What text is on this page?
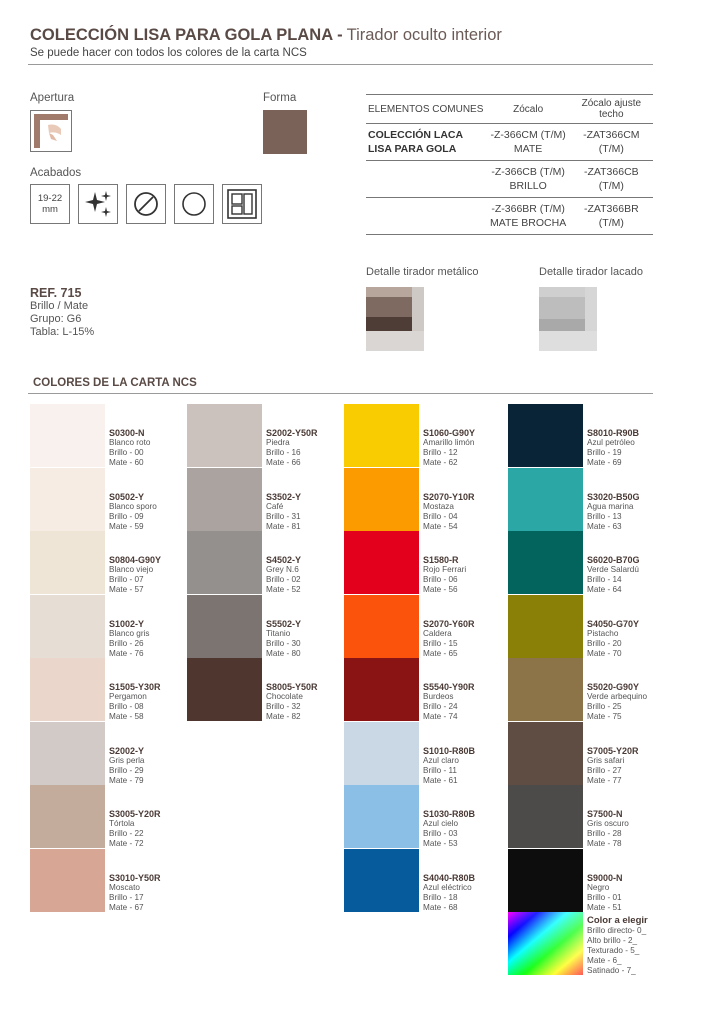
COLECCIÓN LISA PARA GOLA PLANA - Tirador oculto interior
Se puede hacer con todos los colores de la carta NCS
Apertura	Forma
Acabados
19-22
mm
ELEMENTOS COMUNES	Zócalo	Zócalo ajuste techo
COLECCIÓN LACA LISA PARA GOLA	-Z-366CM (T/M) MATE	-ZAT366CM (T/M)
	-Z-366CB (T/M) BRILLO	-ZAT366CB (T/M)
	-Z-366BR (T/M) MATE BROCHA	-ZAT366BR (T/M)
REF. 715
Brillo / Mate
Grupo: G6
Tabla: L-15%
Detalle tirador metálico	Detalle tirador lacado
COLORES DE LA CARTA NCS
S0300-N
Blanco roto
Brillo - 00
Mate - 60
S0502-Y
Blanco sporo
Brillo - 09
Mate - 59
S0804-G90Y
Blanco viejo
Brillo - 07
Mate - 57
S1002-Y
Blanco gris
Brillo - 26
Mate - 76
S1505-Y30R
Pergamon
Brillo - 08
Mate - 58
S2002-Y
Gris perla
Brillo - 29
Mate - 79
S3005-Y20R
Tórtola
Brillo - 22
Mate - 72
S3010-Y50R
Moscato
Brillo - 17
Mate - 67
S2002-Y50R
Piedra
Brillo - 16
Mate - 66
S3502-Y
Café
Brillo - 31
Mate - 81
S4502-Y
Grey N.6
Brillo - 02
Mate - 52
S5502-Y
Titanio
Brillo - 30
Mate - 80
S8005-Y50R
Chocolate
Brillo - 32
Mate - 82
S1060-G90Y
Amarillo limón
Brillo - 12
Mate - 62
S2070-Y10R
Mostaza
Brillo - 04
Mate - 54
S1580-R
Rojo Ferrari
Brillo - 06
Mate - 56
S2070-Y60R
Caldera
Brillo - 15
Mate - 65
S5540-Y90R
Burdeos
Brillo - 24
Mate - 74
S1010-R80B
Azul claro
Brillo - 11
Mate - 61
S1030-R80B
Azul cielo
Brillo - 03
Mate - 53
S4040-R80B
Azul eléctrico
Brillo - 18
Mate - 68
S8010-R90B
Azul petróleo
Brillo - 19
Mate - 69
S3020-B50G
Agua marina
Brillo - 13
Mate - 63
S6020-B70G
Verde Salardú
Brillo - 14
Mate - 64
S4050-G70Y
Pistacho
Brillo - 20
Mate - 70
S5020-G90Y
Verde arbequino
Brillo - 25
Mate - 75
S7005-Y20R
Gris safari
Brillo - 27
Mate - 77
S7500-N
Gris oscuro
Brillo - 28
Mate - 78
S9000-N
Negro
Brillo - 01
Mate - 51
Color a elegir
Brillo directo- 0_
Alto brillo - 2_
Texturado - 5_
Mate - 6_
Satinado - 7_
